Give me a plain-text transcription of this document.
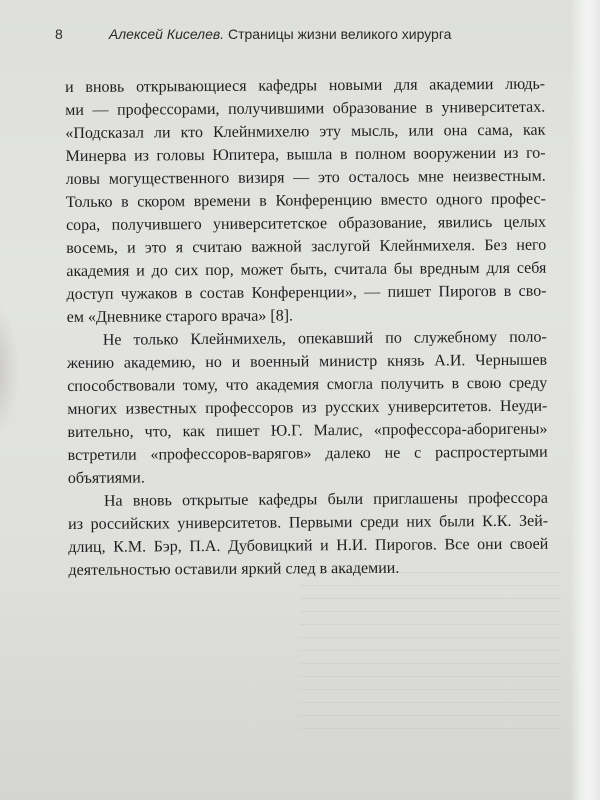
8	Алексей Киселев. Страницы жизни великого хирурга
и вновь открывающиеся кафедры новыми для академии людь-
ми — профессорами, получившими образование в университетах.
«Подсказал ли кто Клейнмихелю эту мысль, или она сама, как
Минерва из головы Юпитера, вышла в полном вооружении из го-
ловы могущественного визиря — это осталось мне неизвестным.
Только в скором времени в Конференцию вместо одного профес-
сора, получившего университетское образование, явились целых
восемь, и это я считаю важной заслугой Клейнмихеля. Без него
академия и до сих пор, может быть, считала бы вредным для себя
доступ чужаков в состав Конференции», — пишет Пирогов в сво-
ем «Дневнике старого врача» [8].
Не только Клейнмихель, опекавший по служебному поло-
жению академию, но и военный министр князь А.И. Чернышев
способствовали тому, что академия смогла получить в свою среду
многих известных профессоров из русских университетов. Неуди-
вительно, что, как пишет Ю.Г. Малис, «профессора-аборигены»
встретили «профессоров-варягов» далеко не с распростертыми
объятиями.
На вновь открытые кафедры были приглашены профессора
из российских университетов. Первыми среди них были К.К. Зей-
длиц, К.М. Бэр, П.А. Дубовицкий и Н.И. Пирогов. Все они своей
деятельностью оставили яркий след в академии.
